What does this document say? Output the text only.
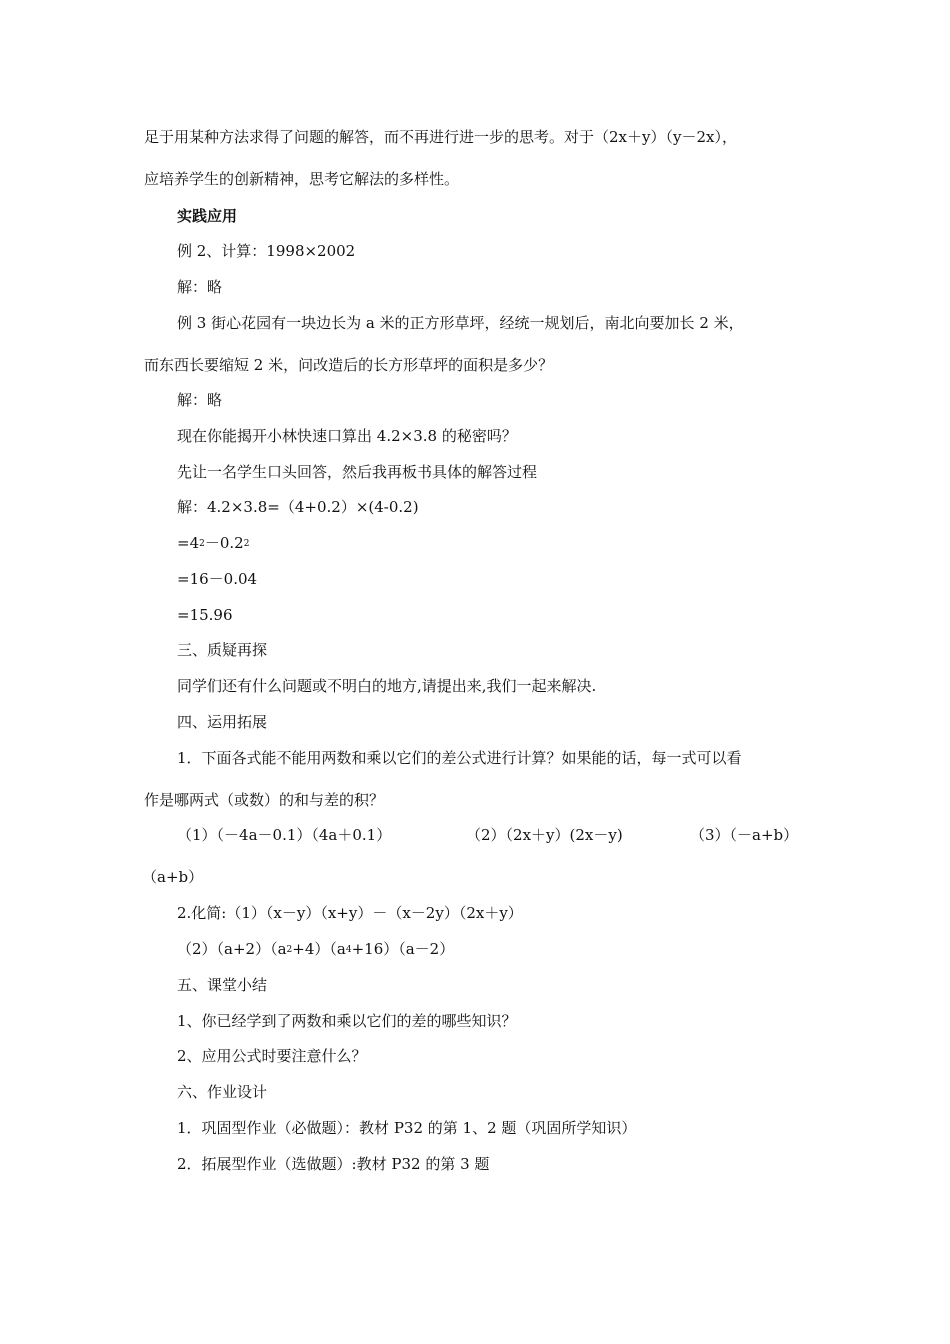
足于用某种方法求得了问题的解答，而不再进行进一步的思考。对于（2x＋y）（y－2x），
应培养学生的创新精神，思考它解法的多样性。
实践应用
例 2、计算：1998×2002
解：略
例 3 街心花园有一块边长为 a 米的正方形草坪，经统一规划后，南北向要加长 2 米，
而东西长要缩短 2 米，问改造后的长方形草坪的面积是多少？
解：略
现在你能揭开小林快速口算出 4.2×3.8 的秘密吗？
先让一名学生口头回答，然后我再板书具体的解答过程
解：4.2×3.8=（4+0.2）×(4-0.2)
$=4^2-0.2^2$
=16－0.04
=15.96
三、质疑再探
同学们还有什么问题或不明白的地方,请提出来,我们一起来解决.
四、运用拓展
1．下面各式能不能用两数和乘以它们的差公式进行计算？如果能的话，每一式可以看
作是哪两式（或数）的和与差的积？

（1）（－4a－0.1）（4a＋0.1）

	（2）（2x＋y）(2x－y)

	（3）（－a+b）

（a+b）
2.化简:（1）（x－y）（x+y）－（x－2y）（2x＋y）
$(2)(a+2)(a^2+4)(a^4+16)(a-2)$
五、课堂小结
1、你已经学到了两数和乘以它们的差的哪些知识？
2、应用公式时要注意什么？
六、作业设计
1．巩固型作业（必做题）：教材 P32 的第 1、2 题（巩固所学知识）
2．拓展型作业（选做题）:教材 P32 的第 3 题
